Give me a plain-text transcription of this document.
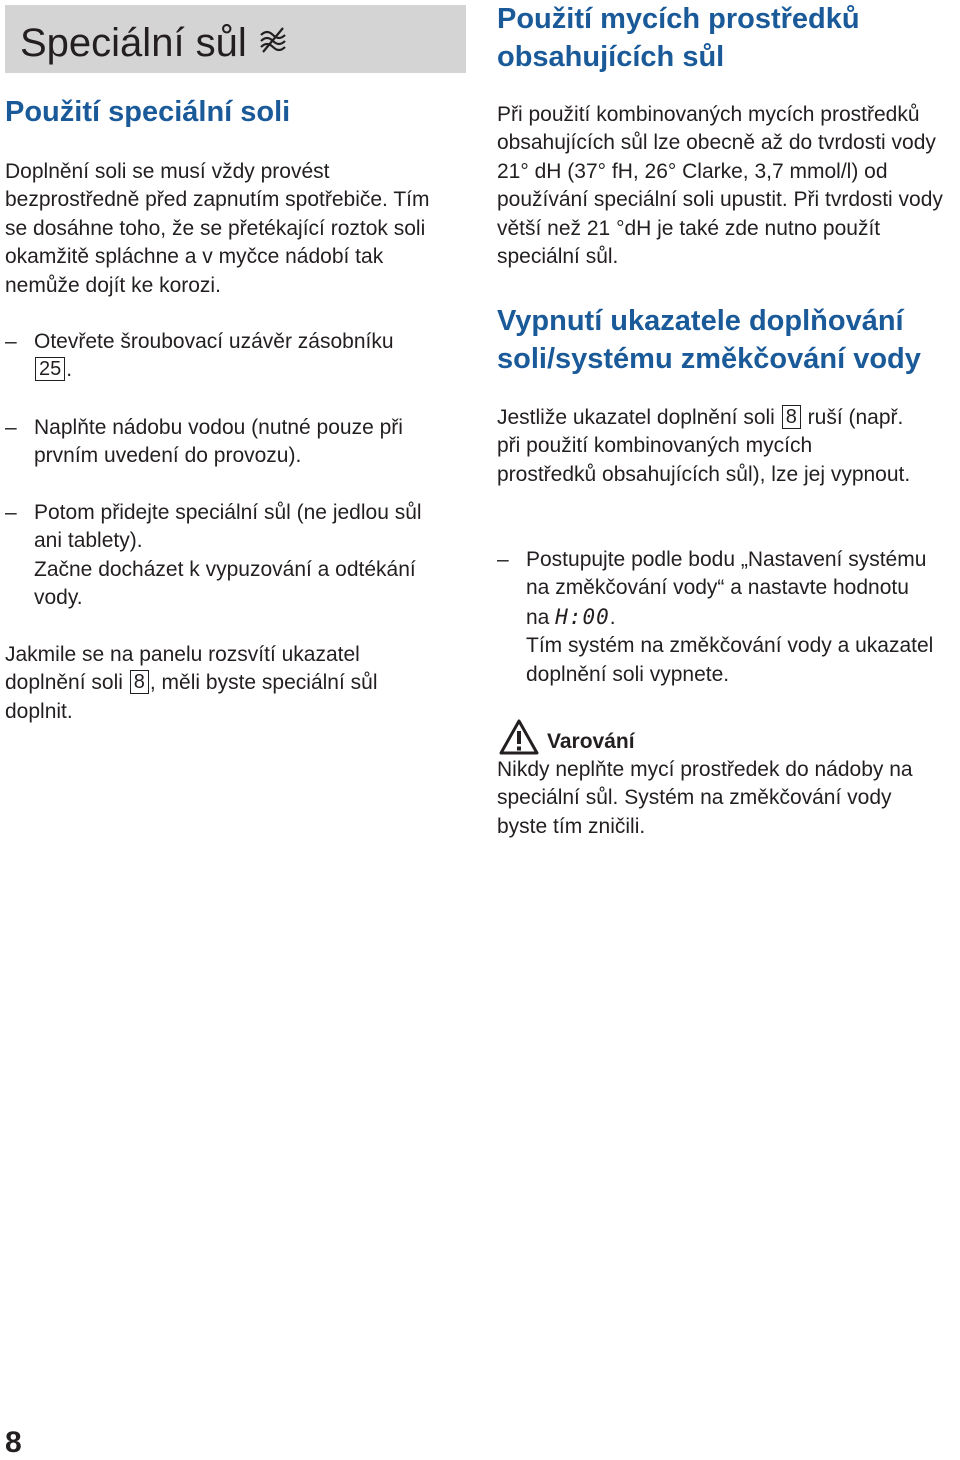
Speciální sůl
Použití speciální soli

Doplnění soli se musí vždy provést bezprostředně před zapnutím spotřebiče. Tím se dosáhne toho, že se přetékající roztok soli okamžitě spláchne a v myčce nádobí tak nemůže dojít ke korozi.

– Otevřete šroubovací uzávěr zásobníku
25 .
– Naplňte nádobu vodou (nutné pouze při prvním uvedení do provozu).
– Potom přidejte speciální sůl (ne jedlou sůl ani tablety).
Začne docházet k vypuzování a odtékání vody.

Jakmile se na panelu rozsvítí ukazatel doplnění soli 8 , měli byste speciální sůl doplnit.

Použití mycích prostředků obsahujících sůl

Při použití kombinovaných mycích prostředků obsahujících sůl lze obecně až do tvrdosti vody 21° dH (37° fH, 26° Clarke, 3,7 mmol/l) od používání speciální soli upustit. Při tvrdosti vody větší než 21 °dH je také zde nutno použít speciální sůl.

Vypnutí ukazatele doplňování soli/systému změkčování vody

Jestliže ukazatel doplnění soli 8 ruší (např. při použití kombinovaných mycích prostředků obsahujících sůl), lze jej vypnout.

– Postupujte podle bodu „Nastavení systému na změkčování vody“ a nastavte hodnotu na H:00.
Tím systém na změkčování vody a ukazatel doplnění soli vypnete.
Varování

Nikdy neplňte mycí prostředek do nádoby na speciální sůl. Systém na změkčování vody byste tím zničili.

8
